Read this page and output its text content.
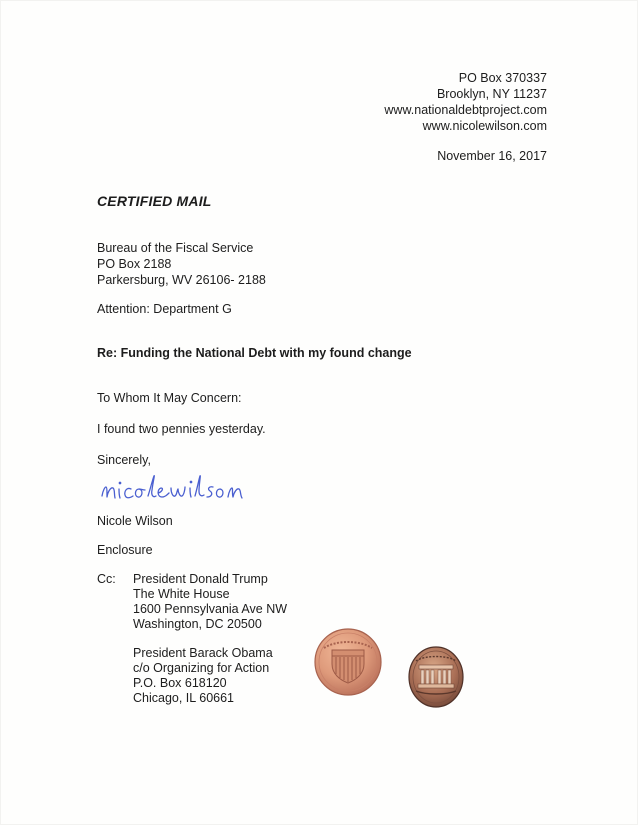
PO Box 370337
Brooklyn, NY 11237
www.nationaldebtproject.com
www.nicolewilson.com
November 16, 2017
CERTIFIED MAIL
Bureau of the Fiscal Service
PO Box 2188
Parkersburg, WV 26106- 2188
Attention: Department G
Re: Funding the National Debt with my found change
To Whom It May Concern:
I found two pennies yesterday.
Sincerely,
Nicole Wilson
Enclosure
Cc: President Donald Trump
The White House
1600 Pennsylvania Ave NW
Washington, DC 20500
President Barack Obama
c/o Organizing for Action
P.O. Box 618120
Chicago, IL 60661
